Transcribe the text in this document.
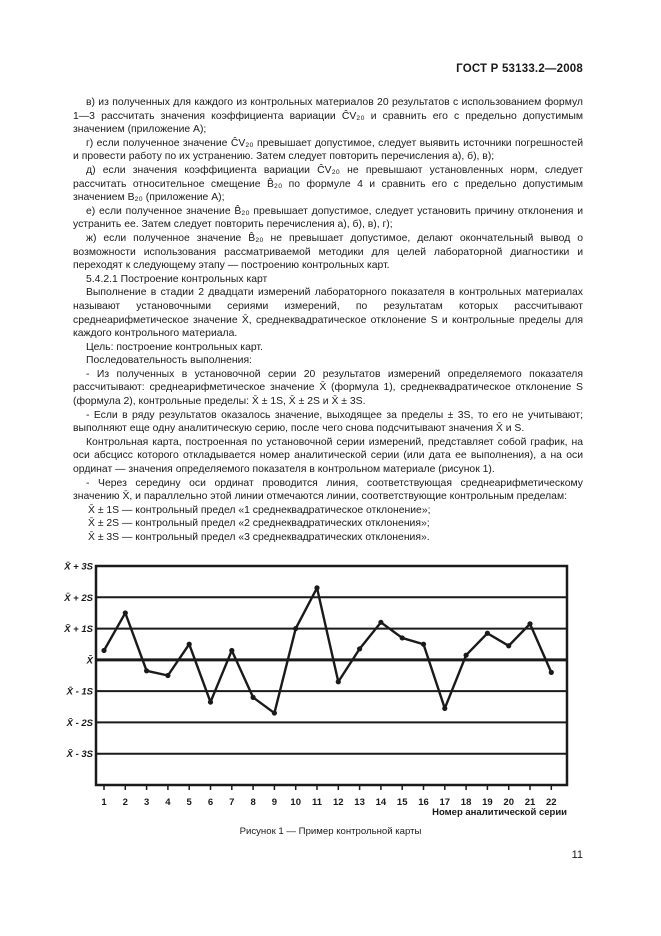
ГОСТ Р 53133.2—2008

в) из полученных для каждого из контрольных материалов 20 результатов с использованием формул 1—3 рассчитать значения коэффициента вариации ĈV₂₀ и сравнить его с предельно допустимым значением (приложение А);

г) если полученное значение ĈV₂₀ превышает допустимое, следует выявить источники погрешностей и провести работу по их устранению. Затем следует повторить перечисления а), б), в);

д) если значения коэффициента вариации ĈV₂₀ не превышают установленных норм, следует рассчитать относительное смещение B̂₂₀ по формуле 4 и сравнить его с предельно допустимым значением B₂₀ (приложение А);

е) если полученное значение B̂₂₀ превышает допустимое, следует установить причину отклонения и устранить ее. Затем следует повторить перечисления а), б), в), г);

ж) если полученное значение B̂₂₀ не превышает допустимое, делают окончательный вывод о возможности использования рассматриваемой методики для целей лабораторной диагностики и переходят к следующему этапу — построению контрольных карт.

5.4.2.1 Построение контрольных карт

Выполнение в стадии 2 двадцати измерений лабораторного показателя в контрольных материалах называют установочными сериями измерений, по результатам которых рассчитывают среднеарифметическое значение X̄, среднеквадратическое отклонение S и контрольные пределы для каждого контрольного материала.

Цель: построение контрольных карт.

Последовательность выполнения:

- Из полученных в установочной серии 20 результатов измерений определяемого показателя рассчитывают: среднеарифметическое значение X̄ (формула 1), среднеквадратическое отклонение S (формула 2), контрольные пределы: X̄ ± 1S, X̄ ± 2S и X̄ ± 3S.

- Если в ряду результатов оказалось значение, выходящее за пределы ± 3S, то его не учитывают; выполняют еще одну аналитическую серию, после чего снова подсчитывают значения X̄ и S.

Контрольная карта, построенная по установочной серии измерений, представляет собой график, на оси абсцисс которого откладывается номер аналитической серии (или дата ее выполнения), а на оси ординат — значения определяемого показателя в контрольном материале (рисунок 1).

- Через середину оси ординат проводится линия, соответствующая среднеарифметическому значению X̄, и параллельно этой линии отмечаются линии, соответствующие контрольным пределам:

X̄ ± 1S — контрольный предел «1 среднеквадратическое отклонение»;

X̄ ± 2S — контрольный предел «2 среднеквадратических отклонения»;

X̄ ± 3S — контрольный предел «3 среднеквадратических отклонения».

X̄ + 3S
X̄ + 2S
X̄ + 1S
X̄
X̄ - 1S
X̄ - 2S
X̄ - 3S
1 2 3 4 5 6 7 8 9 10 11 12 13 14 15 16 17 18 19 20 21 22
Номер аналитической серии
Рисунок 1 — Пример контрольной карты
11
